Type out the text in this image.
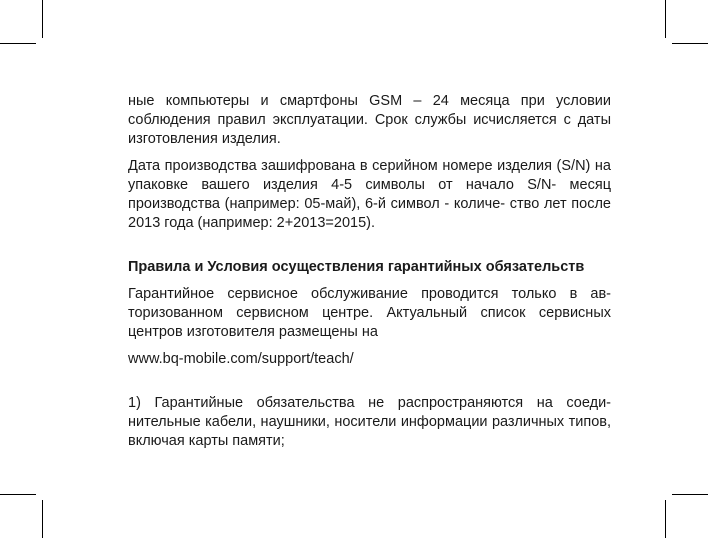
ные компьютеры и смартфоны GSM – 24 месяца при условии соблюдения правил эксплуатации. Срок службы исчисляется с даты изготовления изделия.

Дата производства зашифрована в серийном номере изделия (S/N) на упаковке вашего изделия 4-5 символы от начало S/N- месяц производства (например: 05-май), 6-й символ - количе- ство лет после 2013 года (например: 2+2013=2015).

Правила и Условия осуществления гарантийных обязательств

Гарантийное сервисное обслуживание проводится только в ав- торизованном сервисном центре. Актуальный список сервисных центров изготовителя размещены на

www.bq-mobile.com/support/teach/

1) Гарантийные обязательства не распространяются на соеди- нительные кабели, наушники, носители информации различных типов, включая карты памяти;
